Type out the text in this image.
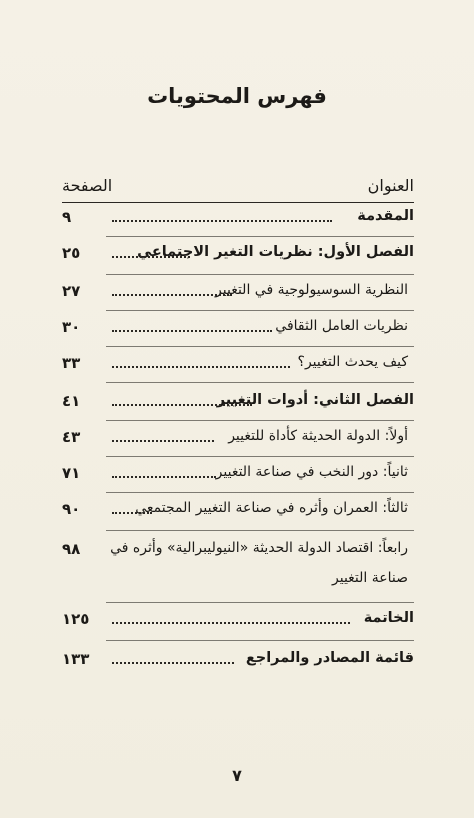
فهرس المحتويات
العنوان
الصفحة
المقدمة
٩
الفصل الأول: نظريات التغير الاجتماعي
٢٥
النظرية السوسيولوجية في التغيير
٢٧
نظريات العامل الثقافي
٣٠
كيف يحدث التغيير؟
٣٣
الفصل الثاني: أدوات التغيير
٤١
أولاً: الدولة الحديثة كأداة للتغيير
٤٣
ثانياً: دور النخب في صناعة التغيير
٧١
ثالثاً: العمران وأثره في صناعة التغيير المجتمعي
٩٠
رابعاً: اقتصاد الدولة الحديثة «النيوليبرالية» وأثره في
٩٨
صناعة التغيير
الخاتمة
١٢٥
قائمة المصادر والمراجع
١٣٣
٧
